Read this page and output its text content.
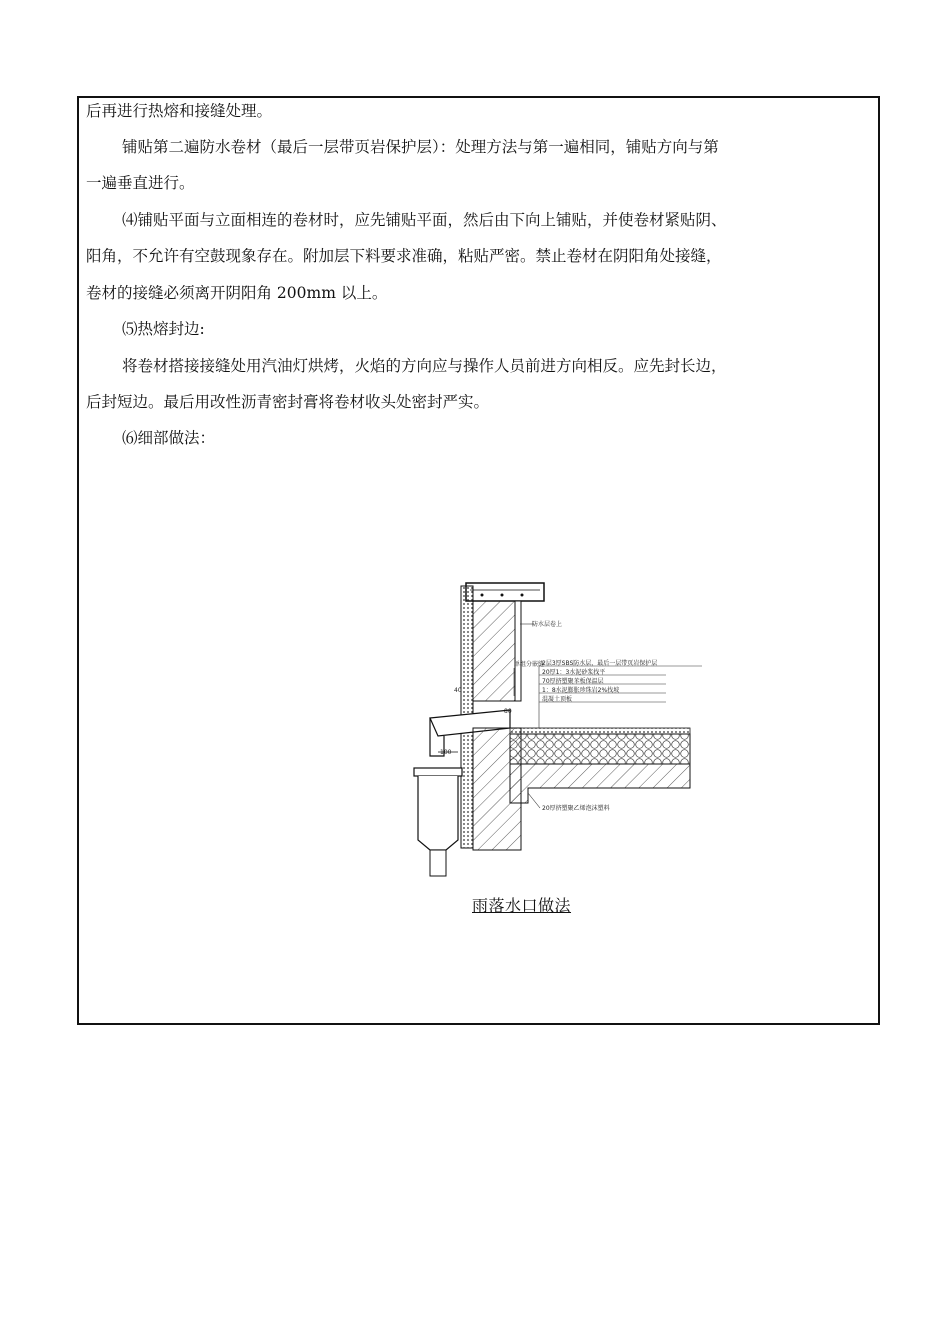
后再进行热熔和接缝处理。

铺贴第二遍防水卷材（最后一层带页岩保护层）：处理方法与第一遍相同，铺贴方向与第

一遍垂直进行。

⑷铺贴平面与立面相连的卷材时，应先铺贴平面，然后由下向上铺贴，并使卷材紧贴阴、

阳角，不允许有空鼓现象存在。附加层下料要求准确，粘贴严密。禁止卷材在阴阳角处接缝，

卷材的接缝必须离开阴阳角 200mm 以上。

⑸热熔封边:

将卷材搭接接缝处用汽油灯烘烤，火焰的方向应与操作人员前进方向相反。应先封长边，

后封短边。最后用改性沥青密封膏将卷材收头处密封严实。

⑹细部做法：

防水层卷上
单组分嵌缝
2层3厚SBS防水层，最后一层带页岩保护层
20厚1：3水泥砂浆找平
70厚挤塑聚苯板保温层
1：8水泥膨胀珍珠岩2%找坡
混凝土顶板
20厚挤塑聚乙烯泡沫塑料
40
80
100
雨落水口做法
